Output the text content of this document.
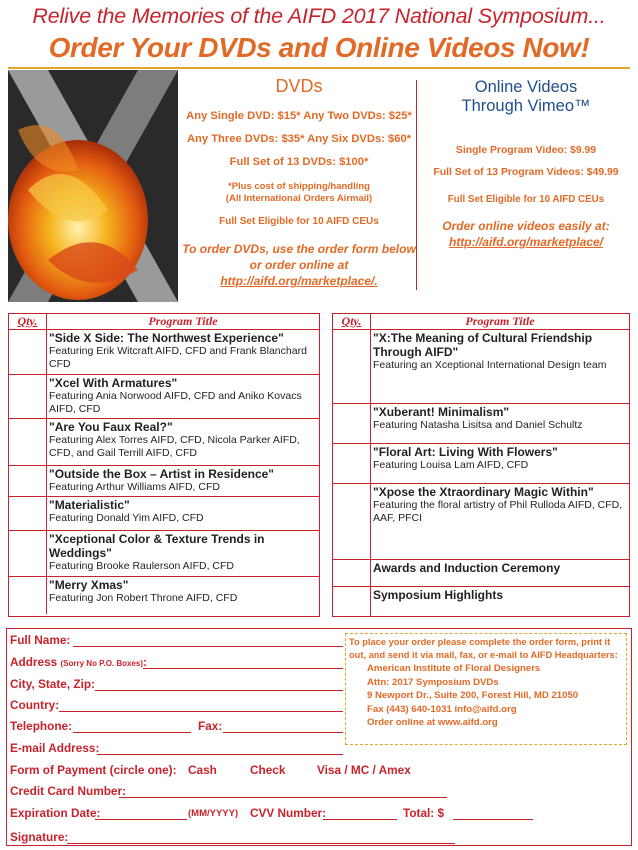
Relive the Memories of the AIFD 2017 National Symposium...
Order Your DVDs and Online Videos Now!
DVDs
Any Single DVD: $15* Any Two DVDs: $25*
Any Three DVDs: $35* Any Six DVDs: $60*
Full Set of 13 DVDs: $100*
*Plus cost of shipping/handling
(All International Orders Airmail)
Full Set Eligible for 10 AIFD CEUs
To order DVDs, use the order form below or order online at http://aifd.org/marketplace/.
Online Videos
Through Vimeo™
Single Program Video: $9.99
Full Set of 13 Program Videos: $49.99
Full Set Eligible for 10 AIFD CEUs
Order online videos easily at:
http://aifd.org/marketplace/
Qty.	Program Title
"Side X Side: The Northwest Experience"
Featuring Erik Witcraft AIFD, CFD and Frank Blanchard CFD
"Xcel With Armatures"
Featuring Ania Norwood AIFD, CFD and Aniko Kovacs AIFD, CFD
"Are You Faux Real?"
Featuring Alex Torres AIFD, CFD, Nicola Parker AIFD, CFD, and Gail Terrill AIFD, CFD
"Outside the Box – Artist in Residence"
Featuring Arthur Williams AIFD, CFD
"Materialistic"
Featuring Donald Yim AIFD, CFD
"Xceptional Color & Texture Trends in Weddings"
Featuring Brooke Raulerson AIFD, CFD
"Merry Xmas"
Featuring Jon Robert Throne AIFD, CFD
Qty.	Program Title
"X:The Meaning of Cultural Friendship Through AIFD"
Featuring an Xceptional International Design team
"Xuberant! Minimalism"
Featuring Natasha Lisitsa and Daniel Schultz
"Floral Art: Living With Flowers"
Featuring Louisa Lam AIFD, CFD
"Xpose the Xtraordinary Magic Within"
Featuring the floral artistry of Phil Rulloda AIFD, CFD, AAF, PFCI
Awards and Induction Ceremony
Symposium Highlights
Full Name:
Address (Sorry No P.O. Boxes):
City, State, Zip:
Country:
Telephone:	Fax:
E-mail Address:
Form of Payment (circle one): Cash	Check	Visa / MC / Amex
Credit Card Number:
Expiration Date:	(MM/YYYY) CVV Number:	Total: $
Signature:
To place your order please complete the order form, print it out, and send it via mail, fax, or e-mail to AIFD Headquarters:
American Institute of Floral Designers
Attn: 2017 Symposium DVDs
9 Newport Dr., Suite 200, Forest Hill, MD 21050
Fax (443) 640-1031 info@aifd.org
Order online at www.aifd.org
